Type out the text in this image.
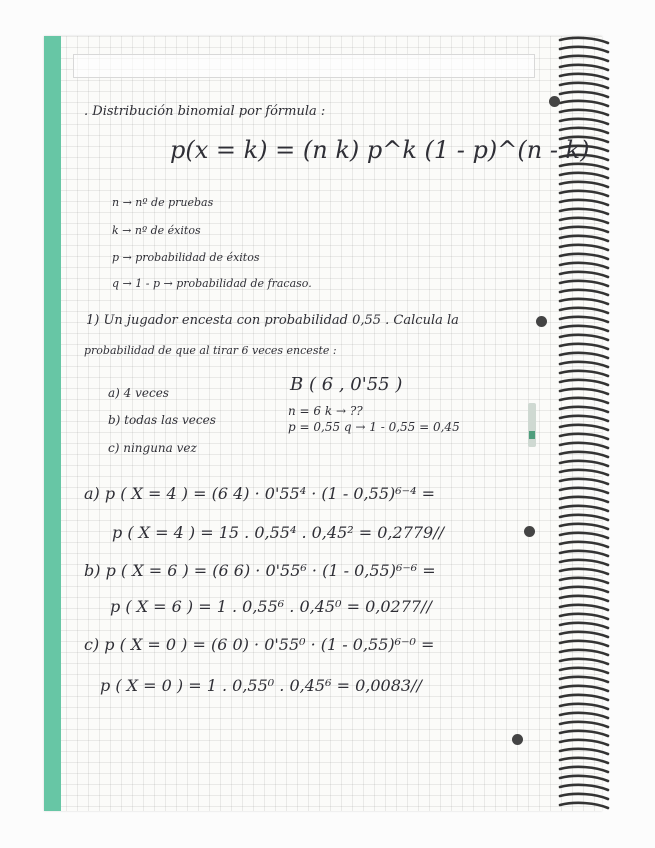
. Distribución binomial por fórmula :
p(x = k) = (n k) p^k (1 - p)^(n - k)
n → nº de pruebas
k → nº de éxitos
p → probabilidad de éxitos
q → 1 - p → probabilidad de fracaso.
1) Un jugador encesta con probabilidad 0,55 . Calcula la
probabilidad de que al tirar 6 veces enceste :
a) 4 veces
b) todas las veces
c) ninguna vez
B ( 6 , 0'55 )
n = 6 k → ??
p = 0,55 q → 1 - 0,55 = 0,45
a) p ( X = 4 ) = (6 4) · 0'55⁴ · (1 - 0,55)⁶⁻⁴ =
p ( X = 4 ) = 15 . 0,55⁴ . 0,45² = 0,2779//
b) p ( X = 6 ) = (6 6) · 0'55⁶ · (1 - 0,55)⁶⁻⁶ =
p ( X = 6 ) = 1 . 0,55⁶ . 0,45⁰ = 0,0277//
c) p ( X = 0 ) = (6 0) · 0'55⁰ · (1 - 0,55)⁶⁻⁰ =
p ( X = 0 ) = 1 . 0,55⁰ . 0,45⁶ = 0,0083//
